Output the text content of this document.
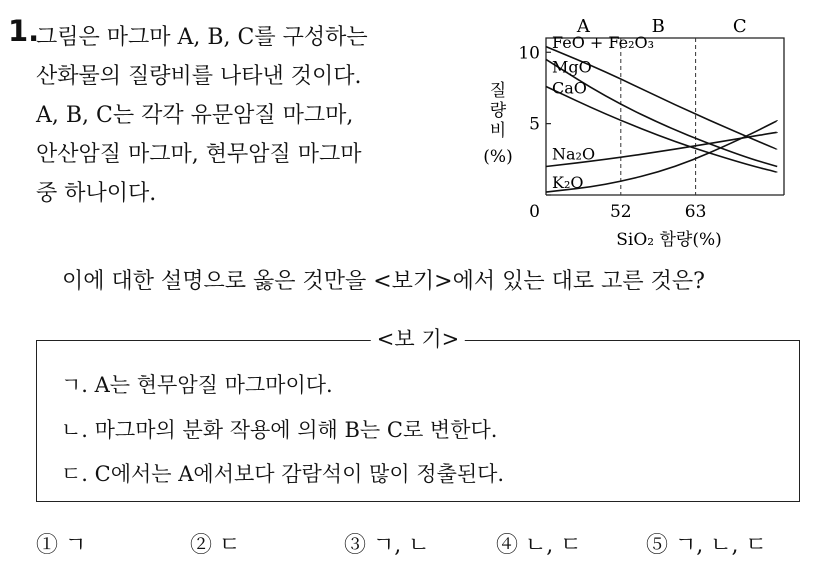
1.
그림은 마그마 A, B, C를 구성하는
산화물의 질량비를 나타낸 것이다.
A, B, C는 각각 유문암질 마그마,
안산암질 마그마, 현무암질 마그마
중 하나이다.
A	B	C
0
5
10
52	63
질
량
비
(%)
SiO₂ 함량(%)
FeO + Fe₂O₃
MgO
CaO
Na₂O
K₂O
이에 대한 설명으로 옳은 것만을 <보기>에서 있는 대로 고른 것은?
<보 기>
ㄱ. A는 현무암질 마그마이다.
ㄴ. 마그마의 분화 작용에 의해 B는 C로 변한다.
ㄷ. C에서는 A에서보다 감람석이 많이 정출된다.
① ㄱ	② ㄷ	③ ㄱ, ㄴ	④ ㄴ, ㄷ	⑤ ㄱ, ㄴ, ㄷ
